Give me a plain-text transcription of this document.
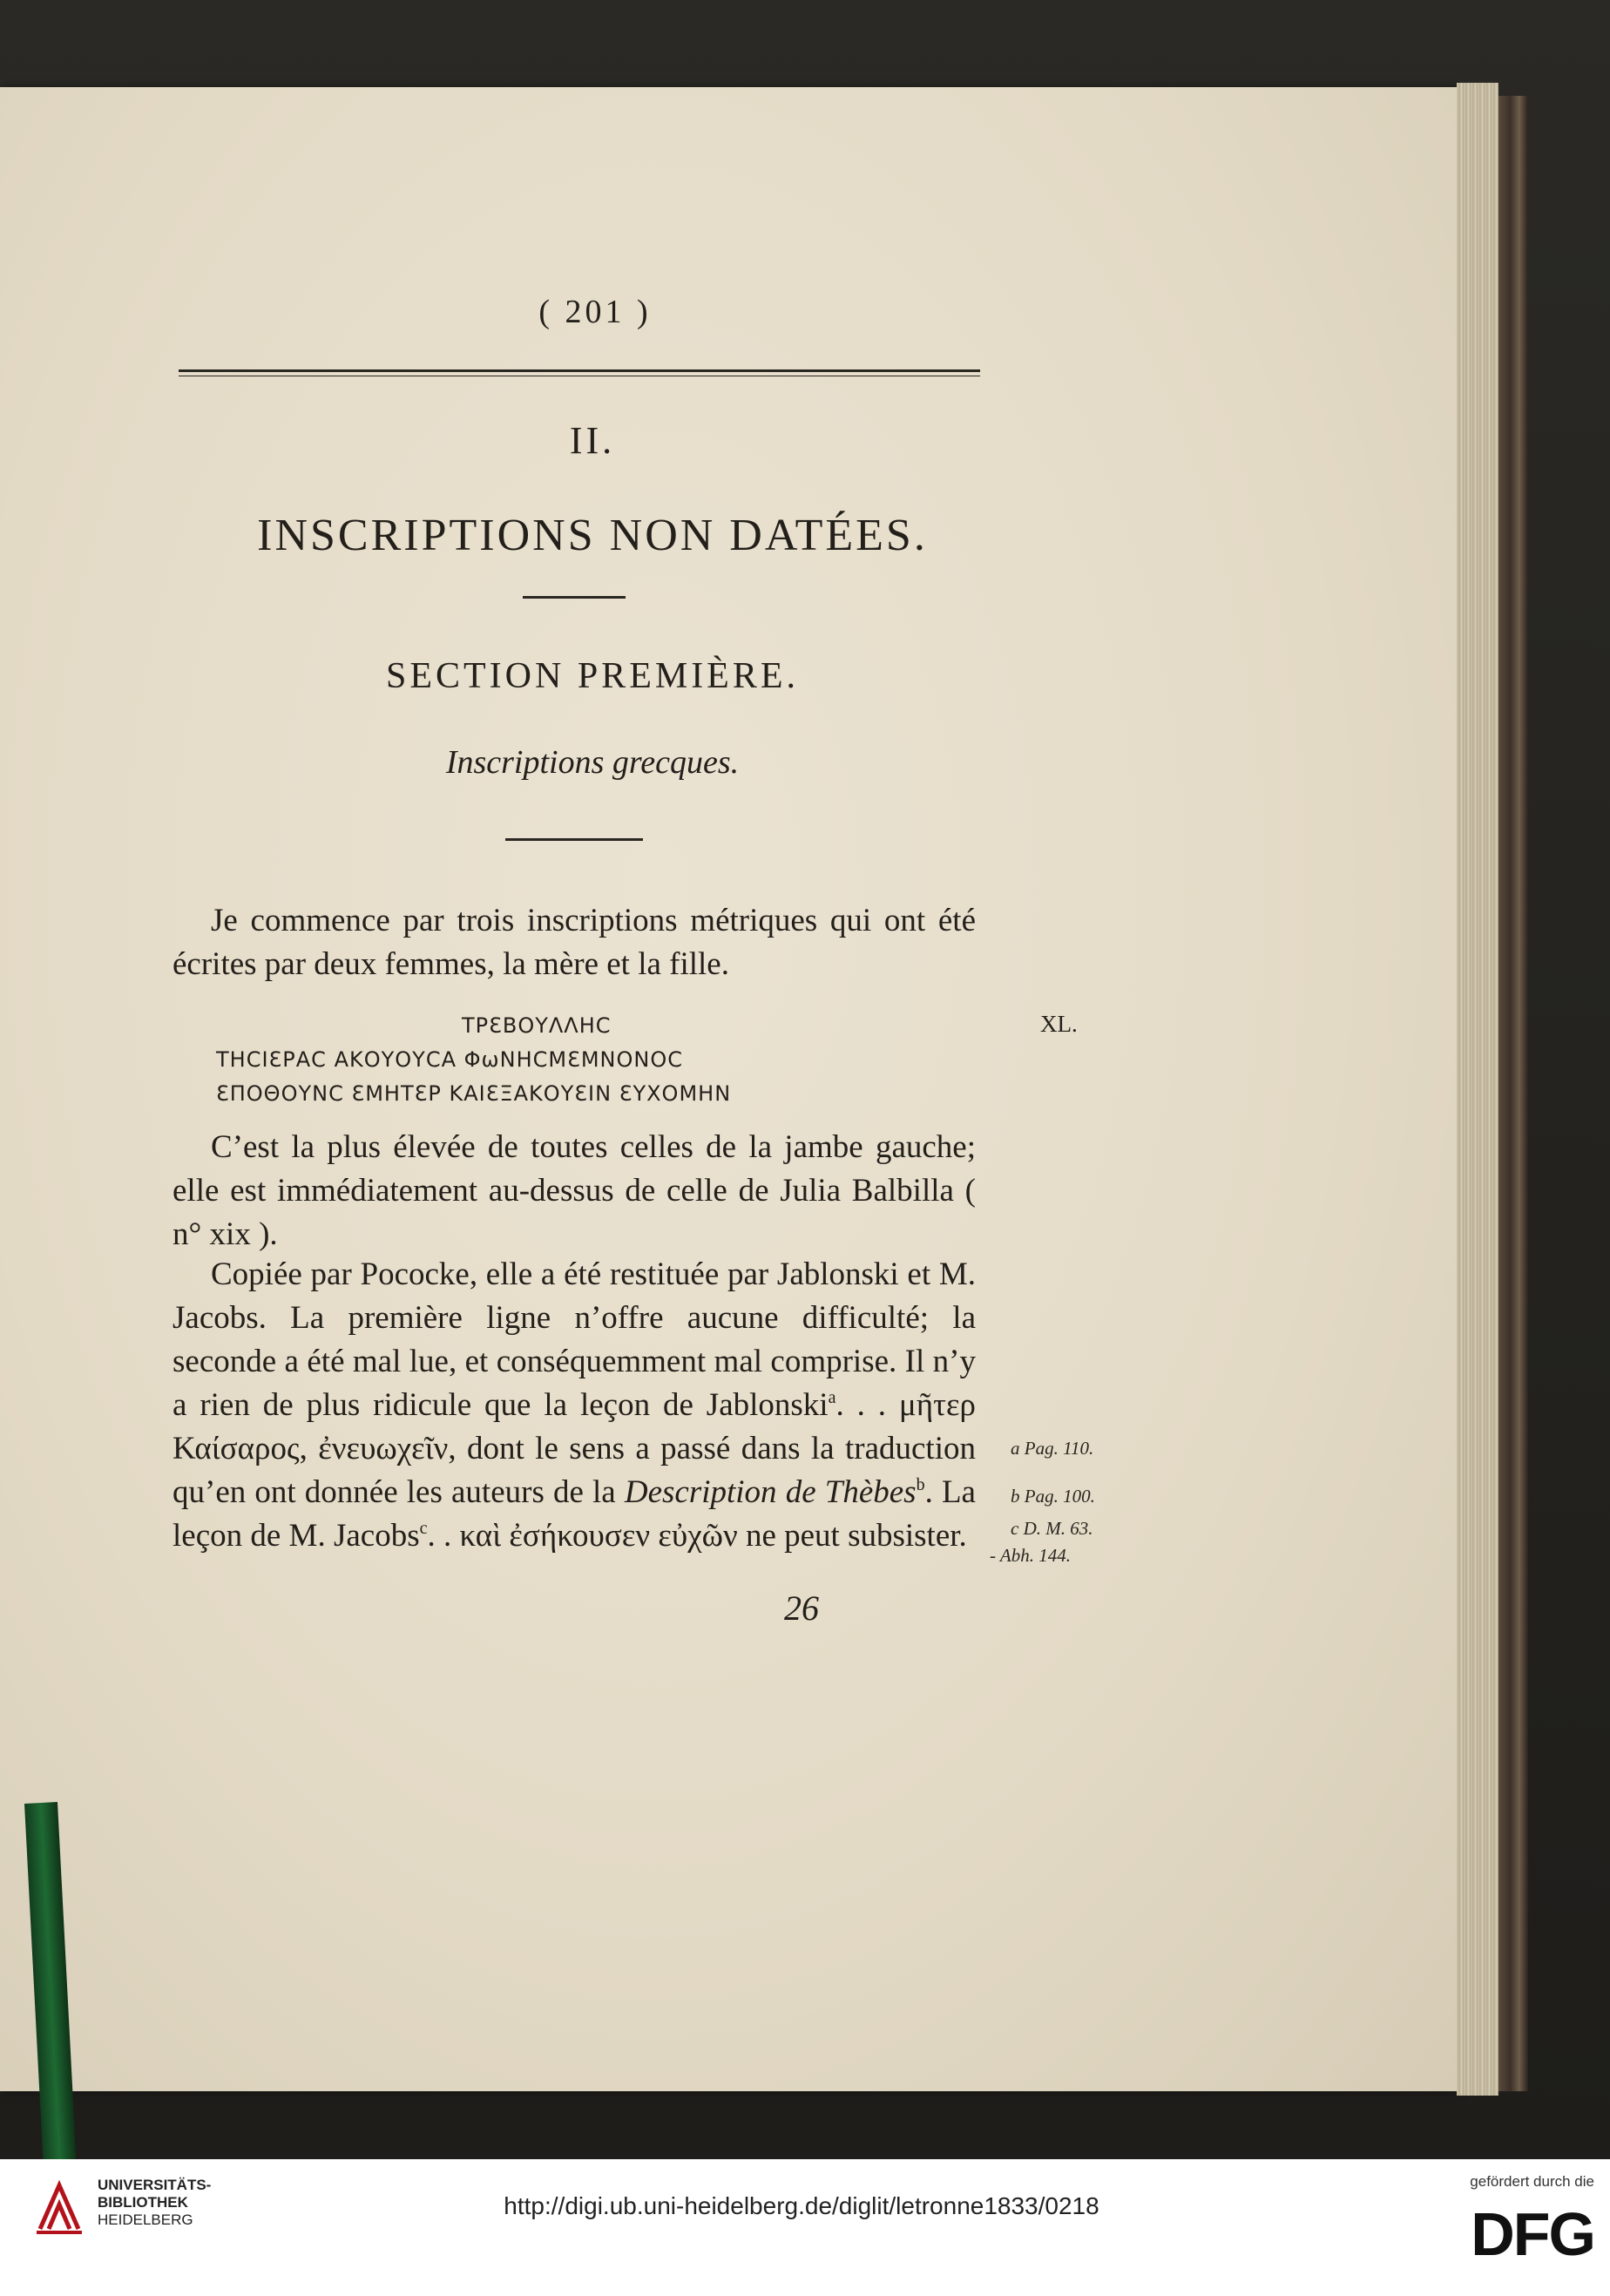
( 201 )
II.
INSCRIPTIONS NON DATÉES.
SECTION PREMIÈRE.
Inscriptions grecques.
Je commence par trois inscriptions métriques qui ont été écrites par deux femmes, la mère et la fille.
ΤΡƐΒΟΥΛΛΗϹ
ΤΗϹΙƐΡΑϹ ΑΚΟΥΟΥϹΑ ΦωΝΗϹΜƐΜΝΟΝΟϹ
ƐΠΟΘΟΥΝϹ ƐΜΗΤƐΡ ΚΑΙƐΞΑΚΟΥƐΙΝ ƐΥΧΟΜΗΝ
XL.
C’est la plus élevée de toutes celles de la jambe gauche; elle est immédiatement au-dessus de celle de Julia Balbilla ( n° xix ).
Copiée par Pococke, elle a été restituée par Jablonski et M. Jacobs. La première ligne n’offre aucune difficulté; la seconde a été mal lue, et conséquemment mal comprise. Il n’y a rien de plus ridicule que la leçon de Jablonski$^a$. . . μῆτερ Καίσαρος, ἐνευωχεῖν, dont le sens a passé dans la traduction qu’en ont donnée les auteurs de la Description de Thèbes$^b$. La leçon de M. Jacobs$^c$. . καὶ ἐσήκουσεν εὐχῶν ne peut subsister.
a Pag. 110.
b Pag. 100.
c D. M. 63.
- Abh. 144.
26
UNIVERSITÄTS-
BIBLIOTHEK
HEIDELBERG
http://digi.ub.uni-heidelberg.de/diglit/letronne1833/0218
gefördert durch die
DFG
